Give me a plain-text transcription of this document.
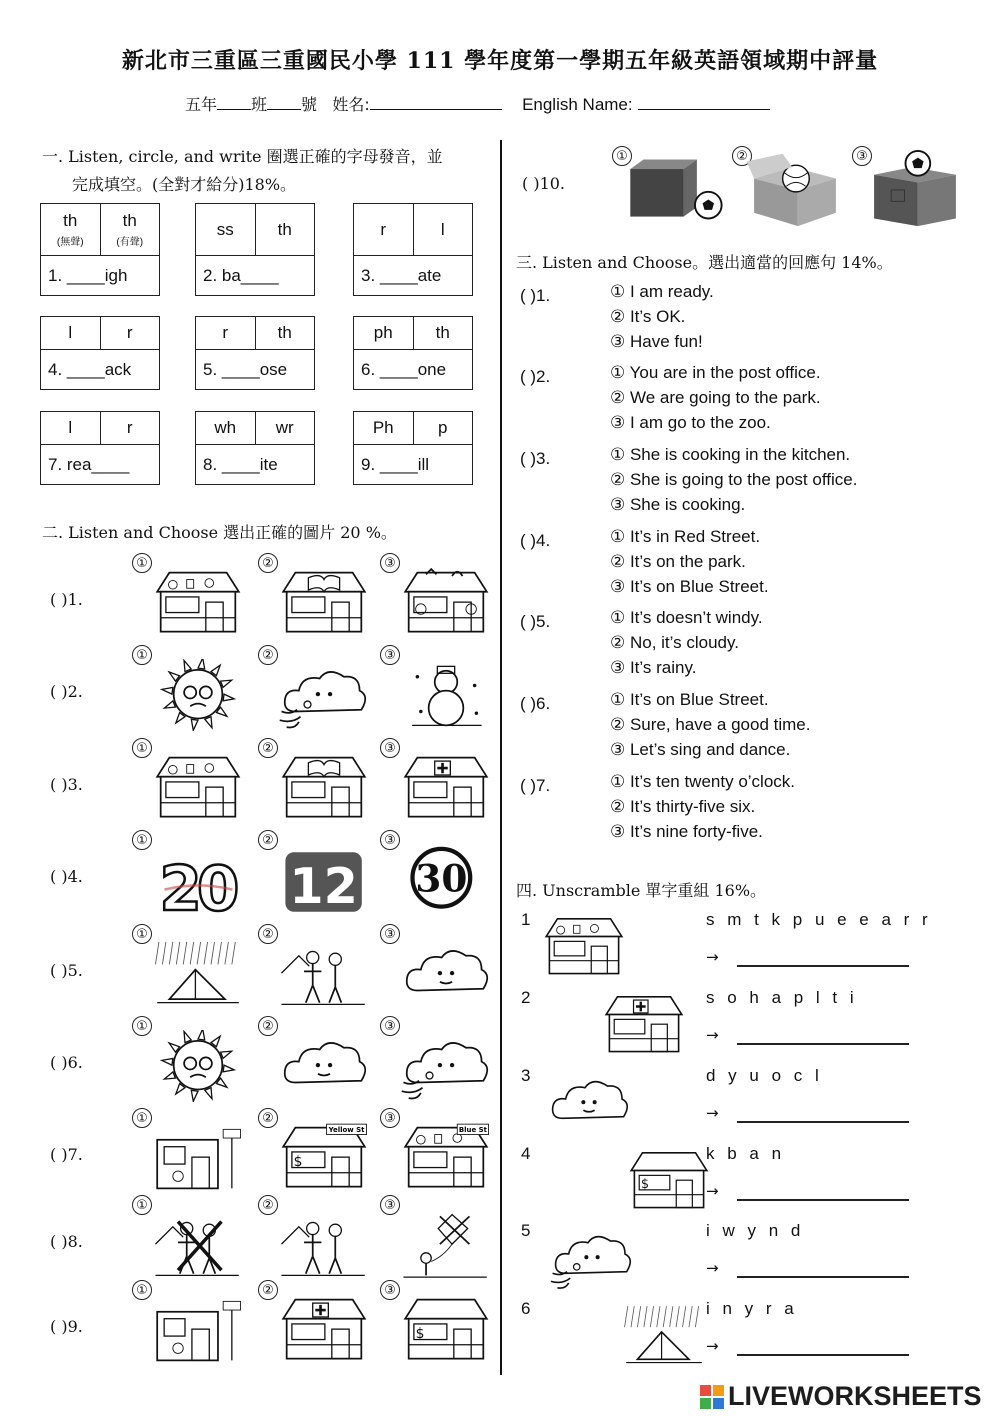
新北市三重區三重國民小學 111 學年度第一學期五年級英語領域期中評量
五年 班 號 姓名:	English Name:
一. Listen, circle, and write 圈選正確的字母發音，並
完成填空。(全對才給分)18%。
二. Listen and Choose 選出正確的圖片 20 %。
( )10.
三. Listen and Choose。選出適當的回應句 14%。
四. Unscramble 單字重組 16%。
LIVEWORKSHEETS
th
(無聲)
th
(有聲)
1. ____igh
ss	th
2. ba____
r	l
3. ____ate
l	r
4. ____ack
r	th
5. ____ose
ph	th
6. ____one
l	r
7. rea____
wh wr
8. ____ite
Ph	p
9. ____ill
( )1.
①	②	③
( )2.
①	②	③
( )3.
①	②	③
( )4.
①
20
②
12
③
30
( )5.
①	②	③
( )6.
①	②	③
( )7.
①	②
$
Yellow St
③
Blue St
( )8.
①	②	③
( )9.
①	②	③
$
①	②	③
( )1.	① I am ready.
② It’s OK.
③ Have fun!
( )2.	① You are in the post office.
② We are going to the park.
③ I am go to the zoo.
( )3.	① She is cooking in the kitchen.
② She is going to the post office.
③ She is cooking.
( )4.	① It’s in Red Street.
② It’s on the park.
③ It’s on Blue Street.
( )5.	① It’s doesn’t windy.
② No, it’s cloudy.
③ It’s rainy.
( )6.	① It’s on Blue Street.
② Sure, have a good time.
③ Let’s sing and dance.
( )7.	① It’s ten twenty o’clock.
② It’s thirty-five six.
③ It’s nine forty-five.
1	s m t k p u e e a r r
→
2	s o h a p l t i
→
3	d y u o c l
→
4
$
k b a n
→
5	i w y n d
→
6	i n y r a
→
